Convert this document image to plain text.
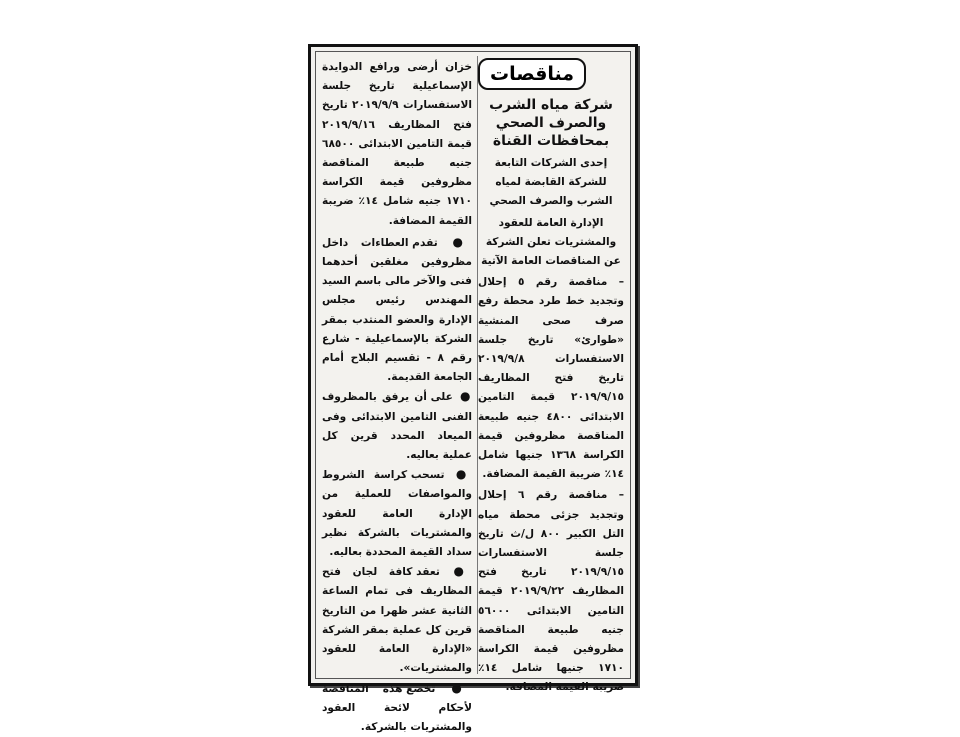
مناقصات
شركة مياه الشرب والصرف الصحي بمحافظات القناة

إحدى الشركات التابعة للشركة القابضة لمياه الشرب والصرف الصحي

الإدارة العامة للعقود والمشتريات تعلن الشركة عن المناقصات العامة الآتية

– مناقصة رقم ٥ إحلال وتجديد خط طرد محطة رفع صرف صحى المنشية «طوارئ» تاريخ جلسة الاستفسارات ٢٠١٩/٩/٨ تاريخ فتح المظاريف ٢٠١٩/٩/١٥ قيمة التامين الابتدائى ٤٨٠٠ جنيه طبيعة المناقصة مظروفين قيمة الكراسة ١٣٦٨ جنيها شامل ١٤٪ ضريبة القيمة المضافة.

– مناقصة رقم ٦ إحلال وتجديد جزئى محطة مياه التل الكبير ٨٠٠ ل/ث تاريخ جلسة الاستفسارات ٢٠١٩/٩/١٥ تاريخ فتح المظاريف ٢٠١٩/٩/٢٢ قيمة التامين الابتدائى ٥٦٠٠٠ جنيه طبيعة المناقصة مظروفين قيمة الكراسة ١٧١٠ جنيها شامل ١٤٪ ضريبة القيمة المضافة.

خزان أرضى ورافع الدوايدة الإسماعيلية تاريخ جلسة الاستفسارات ٢٠١٩/٩/٩ تاريخ فتح المظاريف ٢٠١٩/٩/١٦ قيمة التامين الابتدائى ٦٨٥٠٠ جنيه طبيعة المناقصة مظروفين قيمة الكراسة ١٧١٠ جنيه شامل ١٤٪ ضريبة القيمة المضافة.

● تقدم العطاءات داخل مظروفين مغلقين أحدهما فنى والآخر مالى باسم السيد المهندس رئيس مجلس الإدارة والعضو المنتدب بمقر الشركة بالإسماعيلية - شارع رقم ٨ - تقسيم البلاح أمام الجامعة القديمة.

● على أن يرفق بالمظروف الفنى التامين الابتدائى وفى الميعاد المحدد قرين كل عملية بعاليه.

● تسحب كراسة الشروط والمواصفات للعملية من الإدارة العامة للعقود والمشتريات بالشركة نظير سداد القيمة المحددة بعاليه.

● تعقد كافة لجان فتح المظاريف فى تمام الساعة الثانية عشر ظهرا من التاريخ قرين كل عملية بمقر الشركة «الإدارة العامة للعقود والمشتريات».

● تخضع هذه المناقصة لأحكام لائحة العقود والمشتريات بالشركة.
